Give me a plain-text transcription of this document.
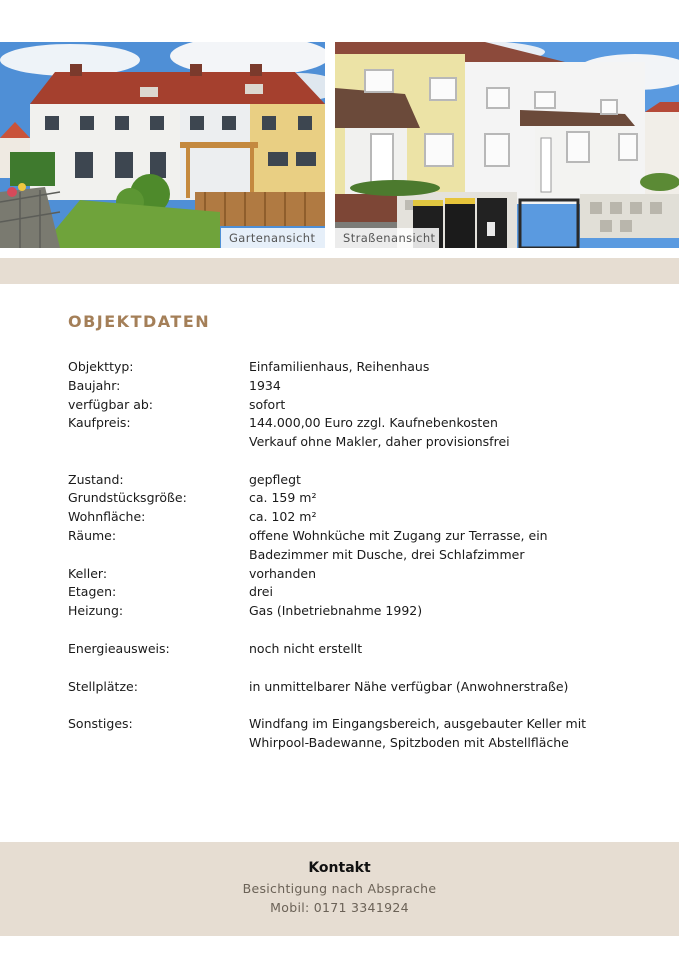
Gartenansicht	Straßenansicht
OBJEKTDATEN
Objekttyp:	Einfamilienhaus, Reihenhaus
Baujahr:	1934
verfügbar ab:	sofort
Kaufpreis:	144.000,00 Euro zzgl. Kaufnebenkosten
Verkauf ohne Makler, daher provisionsfrei
Zustand:	gepflegt
Grundstücksgröße:	ca. 159 m²
Wohnfläche:	ca. 102 m²
Räume:	offene Wohnküche mit Zugang zur Terrasse, ein
Badezimmer mit Dusche, drei Schlafzimmer
Keller:	vorhanden
Etagen:	drei
Heizung:	Gas (Inbetriebnahme 1992)
Energieausweis:	noch nicht erstellt
Stellplätze:	in unmittelbarer Nähe verfügbar (Anwohnerstraße)
Sonstiges:	Windfang im Eingangsbereich, ausgebauter Keller mit
Whirpool-Badewanne, Spitzboden mit Abstellfläche
Kontakt
Besichtigung nach Absprache
Mobil: 0171 3341924
